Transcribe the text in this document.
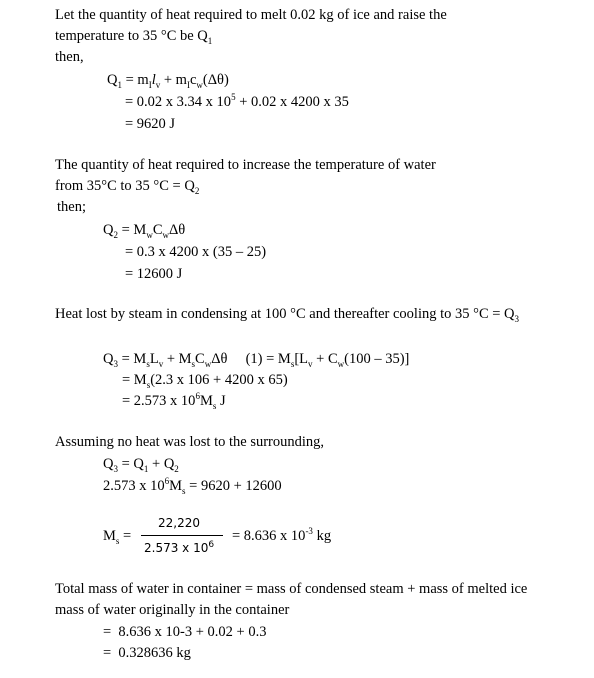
Let the quantity of heat required to melt 0.02 kg of ice and raise the
temperature to 35 °C be $Q_1$
then,
$Q_1 = m_Il_v + m_Ic_w(\Delta\theta)$
= 0.02 x 3.34 x $10^5 + 0.02$ x 4200 x 35
= 9620 J
The quantity of heat required to increase the temperature of water
from 35°C to 35 $^\circ C = Q_2$
then;
$Q_2 = M_wC_w\Delta\theta$
= 0.3 x 4200 x (35 – 25)
= 12600 J
Heat lost by steam in condensing at 100 °C and thereafter cooling to 35 $^\circ C = Q_3$
$Q_3 = M_sL_v + M_sC_w\Delta\theta$     $(1) = M_s[L_v + C_w(100 - 35)]$
= $M_s(2.3$ x 106 + 4200 x 65)
= 2.573 x $10^6M_s$ J
Assuming no heat was lost to the surrounding,
$Q_3 = Q_1 + Q_2$
2.573 x $10^6M_s = 9620 + 12600$
$M_s$ =
22,220
2.573 x $10^6$
= 8.636 x $10^{-3}$ kg
Total mass of water in container = mass of condensed steam + mass of melted ice
mass of water originally in the container
=  8.636 x 10-3 + 0.02 + 0.3
=  0.328636 kg
